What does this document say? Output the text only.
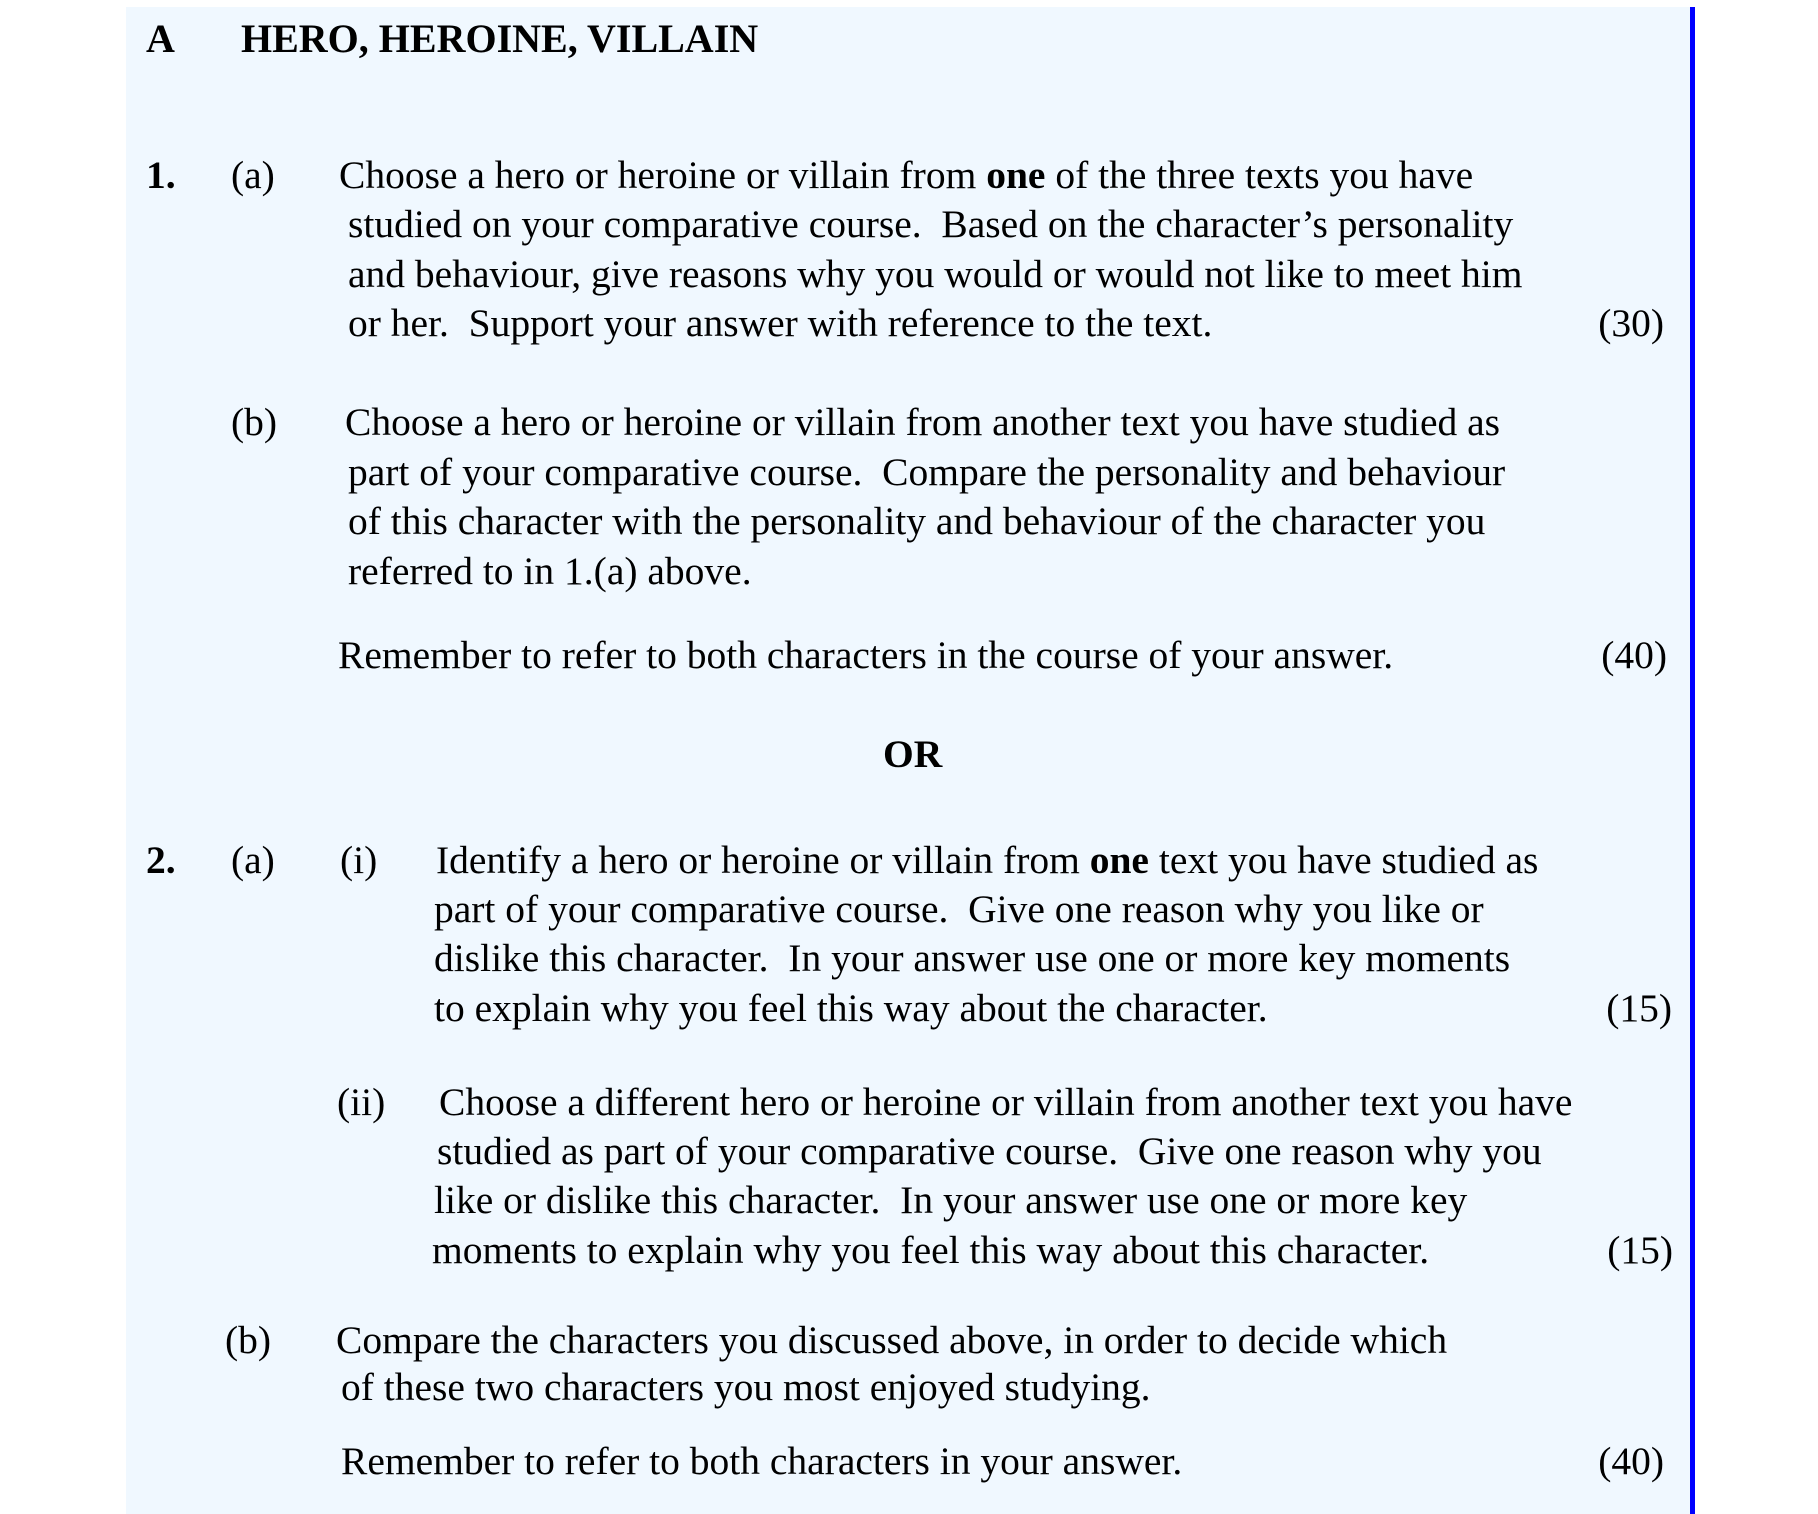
A HERO, HEROINE, VILLAIN
1. (a) Choose a hero or heroine or villain from one of the three texts you have
studied on your comparative course.  Based on the character’s personality
and behaviour, give reasons why you would or would not like to meet him
or her.  Support your answer with reference to the text.	(30)
(b) Choose a hero or heroine or villain from another text you have studied as
part of your comparative course.  Compare the personality and behaviour
of this character with the personality and behaviour of the character you
referred to in 1.(a) above.
Remember to refer to both characters in the course of your answer.	(40)
OR
2. (a) (i) Identify a hero or heroine or villain from one text you have studied as
part of your comparative course.  Give one reason why you like or
dislike this character.  In your answer use one or more key moments
to explain why you feel this way about the character.	(15)
(ii) Choose a different hero or heroine or villain from another text you have
studied as part of your comparative course.  Give one reason why you
like or dislike this character.  In your answer use one or more key
moments to explain why you feel this way about this character.	(15)
(b) Compare the characters you discussed above, in order to decide which
of these two characters you most enjoyed studying.
Remember to refer to both characters in your answer.	(40)
